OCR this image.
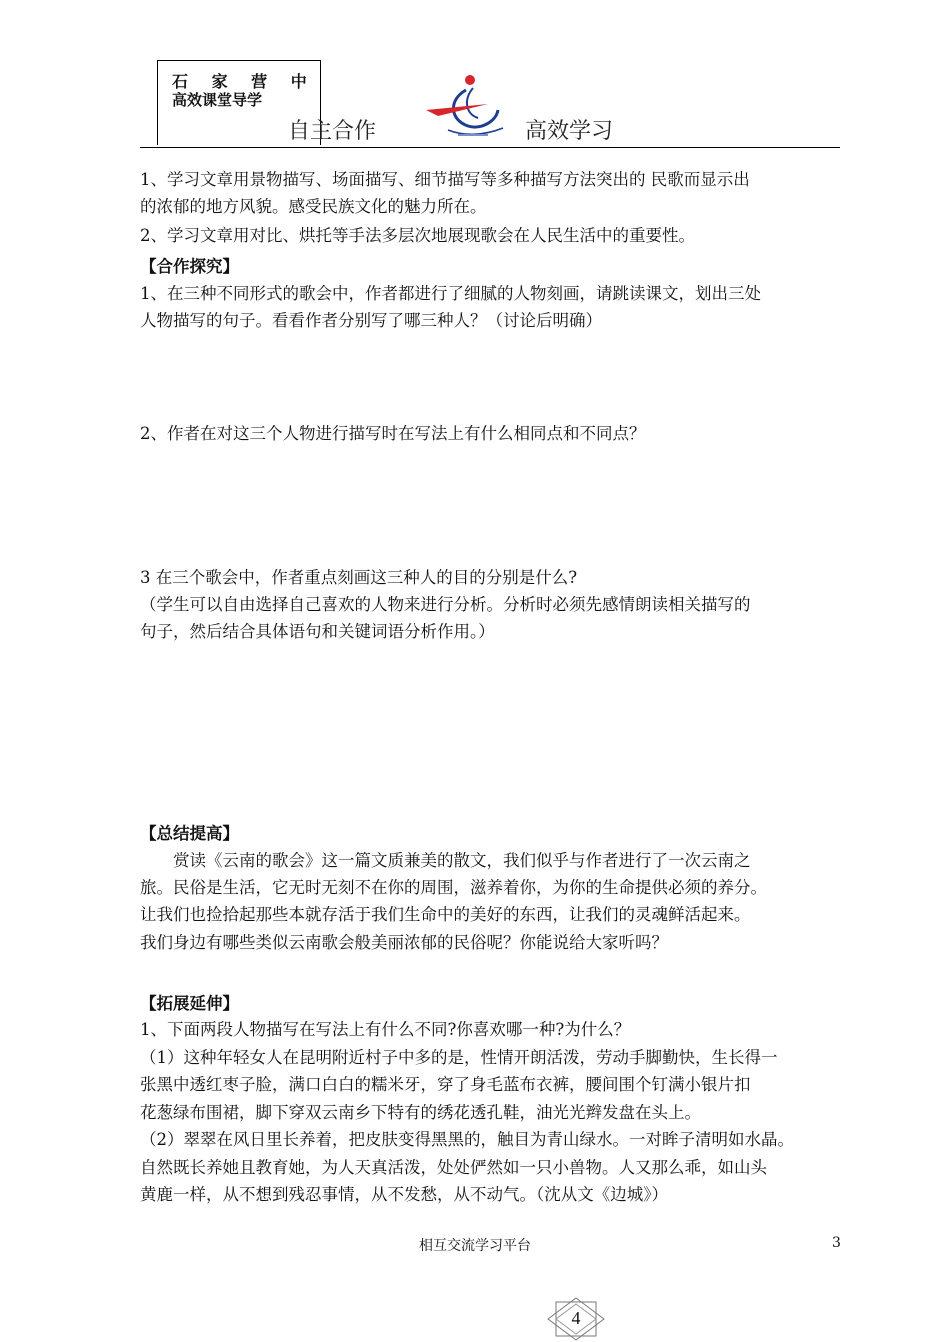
石 家 营 中
高效课堂导学
自主合作	高效学习
1、学习文章用景物描写、场面描写、细节描写等多种描写方法突出的 民歌而显示出
的浓郁的地方风貌。感受民族文化的魅力所在。
2、学习文章用对比、烘托等手法多层次地展现歌会在人民生活中的重要性。
【合作探究】
1、在三种不同形式的歌会中，作者都进行了细腻的人物刻画，请跳读课文，划出三处
人物描写的句子。看看作者分别写了哪三种人？（讨论后明确）
2、作者在对这三个人物进行描写时在写法上有什么相同点和不同点？
3 在三个歌会中，作者重点刻画这三种人的目的分别是什么?
（学生可以自由选择自己喜欢的人物来进行分析。分析时必须先感情朗读相关描写的
句子，然后结合具体语句和关键词语分析作用。）
【总结提高】
　　赏读《云南的歌会》这一篇文质兼美的散文，我们似乎与作者进行了一次云南之
旅。民俗是生活，它无时无刻不在你的周围，滋养着你，为你的生命提供必须的养分。
让我们也捡拾起那些本就存活于我们生命中的美好的东西，让我们的灵魂鲜活起来。
我们身边有哪些类似云南歌会般美丽浓郁的民俗呢？你能说给大家听吗？
【拓展延伸】
1、下面两段人物描写在写法上有什么不同?你喜欢哪一种?为什么？
（1）这种年轻女人在昆明附近村子中多的是，性情开朗活泼，劳动手脚勤快，生长得一
张黑中透红枣子脸，满口白白的糯米牙，穿了身毛蓝布衣裤，腰间围个钉满小银片扣
花葱绿布围裙，脚下穿双云南乡下特有的绣花透孔鞋，油光光辫发盘在头上。
（2）翠翠在风日里长养着，把皮肤变得黑黑的，触目为青山绿水。一对眸子清明如水晶。
自然既长养她且教育她，为人天真活泼，处处俨然如一只小兽物。人又那么乖，如山头
黄鹿一样，从不想到残忍事情，从不发愁，从不动气。（沈从文《边城》）
相互交流学习平台	3
4
